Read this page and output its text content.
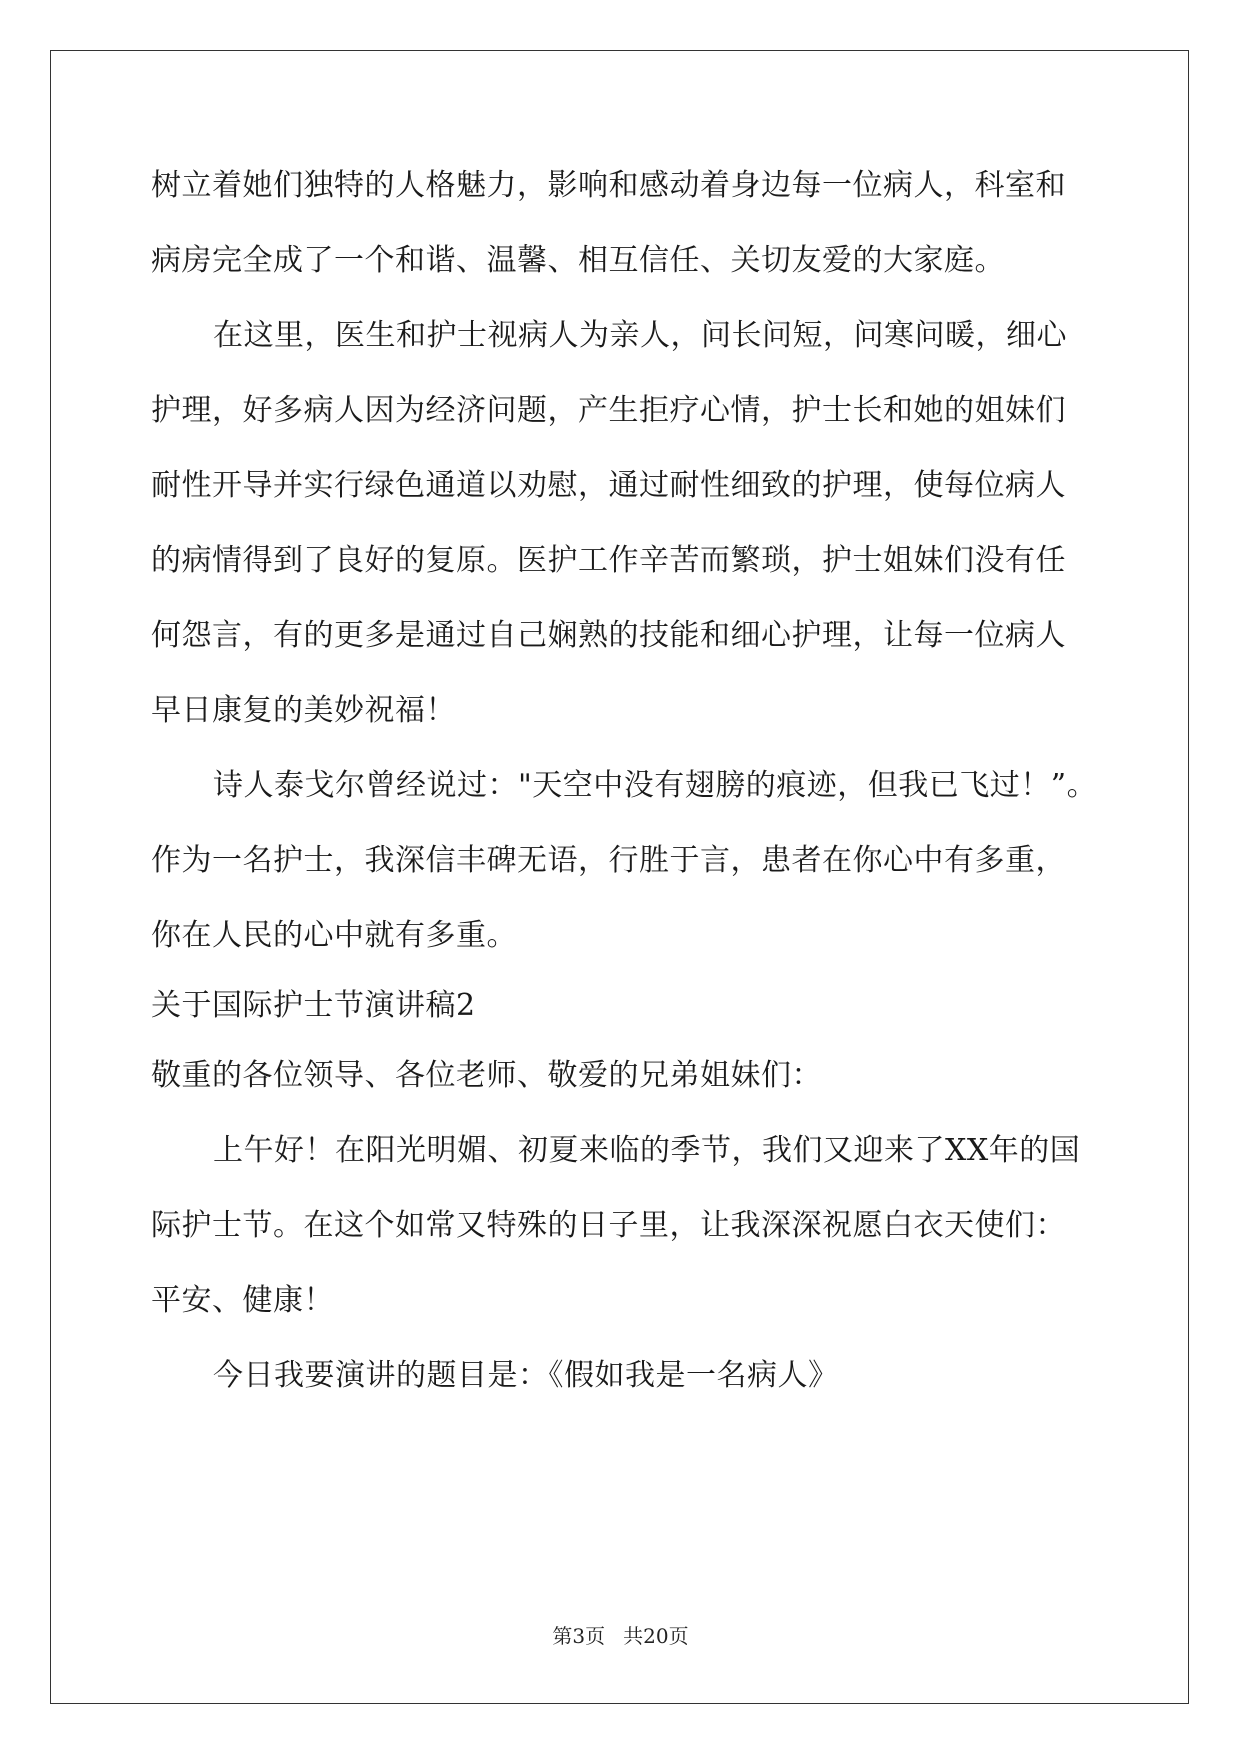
树立着她们独特的人格魅力，影响和感动着身边每一位病人，科室和
病房完全成了一个和谐、温馨、相互信任、关切友爱的大家庭。
在这里，医生和护士视病人为亲人，问长问短，问寒问暖，细心
护理，好多病人因为经济问题，产生拒疗心情，护士长和她的姐妹们
耐性开导并实行绿色通道以劝慰，通过耐性细致的护理，使每位病人
的病情得到了良好的复原。医护工作辛苦而繁琐，护士姐妹们没有任
何怨言，有的更多是通过自己娴熟的技能和细心护理，让每一位病人
早日康复的美妙祝福！
诗人泰戈尔曾经说过："天空中没有翅膀的痕迹，但我已飞过！”。
作为一名护士，我深信丰碑无语，行胜于言，患者在你心中有多重，
你在人民的心中就有多重。
关于国际护士节演讲稿2
敬重的各位领导、各位老师、敬爱的兄弟姐妹们：
上午好！在阳光明媚、初夏来临的季节，我们又迎来了XX年的国
际护士节。在这个如常又特殊的日子里，让我深深祝愿白衣天使们：
平安、健康！
今日我要演讲的题目是：《假如我是一名病人》
第3页 共20页
